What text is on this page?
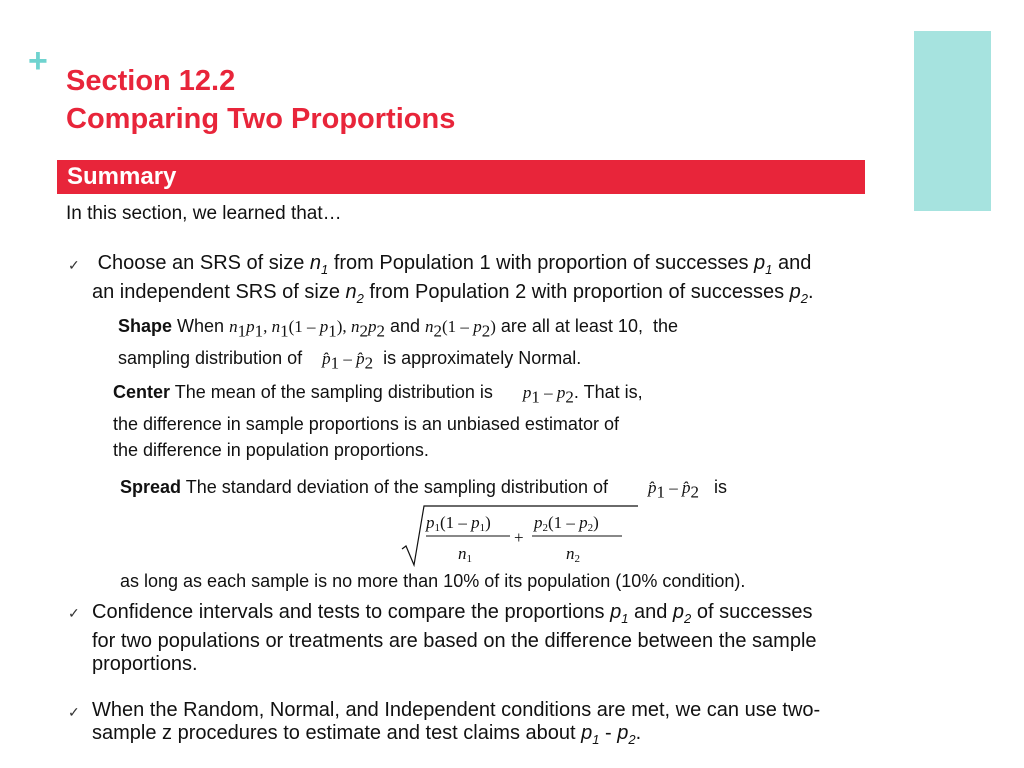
+
Section 12.2
Comparing Two Proportions
Summary
In this section, we learned that…
✓ Choose an SRS of size $n_1$ from Population 1 with proportion of successes $p_1$ and
an independent SRS of size $n_2$ from Population 2 with proportion of successes $p_2$.
Shape When $n_1p_1$, $n_1(1 - p_1)$, $n_2p_2$ and $n_2(1 - p_2)$ are all at least 10, the
sampling distribution of $p̂_1$ – $p̂_2$ is approximately Normal.
Center The mean of the sampling distribution is $p_1 - p_2$. That is,
the difference in sample proportions is an unbiased estimator of
the difference in population proportions.
Spread The standard deviation of the sampling distribution of $p̂_1$ – $p̂_2$ is
p1(1 – p1)
n1
+
p2(1 – p2)
n2
as long as each sample is no more than 10% of its population (10% condition).
✓ Confidence intervals and tests to compare the proportions $p_1$ and $p_2$ of successes
for two populations or treatments are based on the difference between the sample
proportions.
✓ When the Random, Normal, and Independent conditions are met, we can use two-
sample z procedures to estimate and test claims about $p_1 - p_2$.
